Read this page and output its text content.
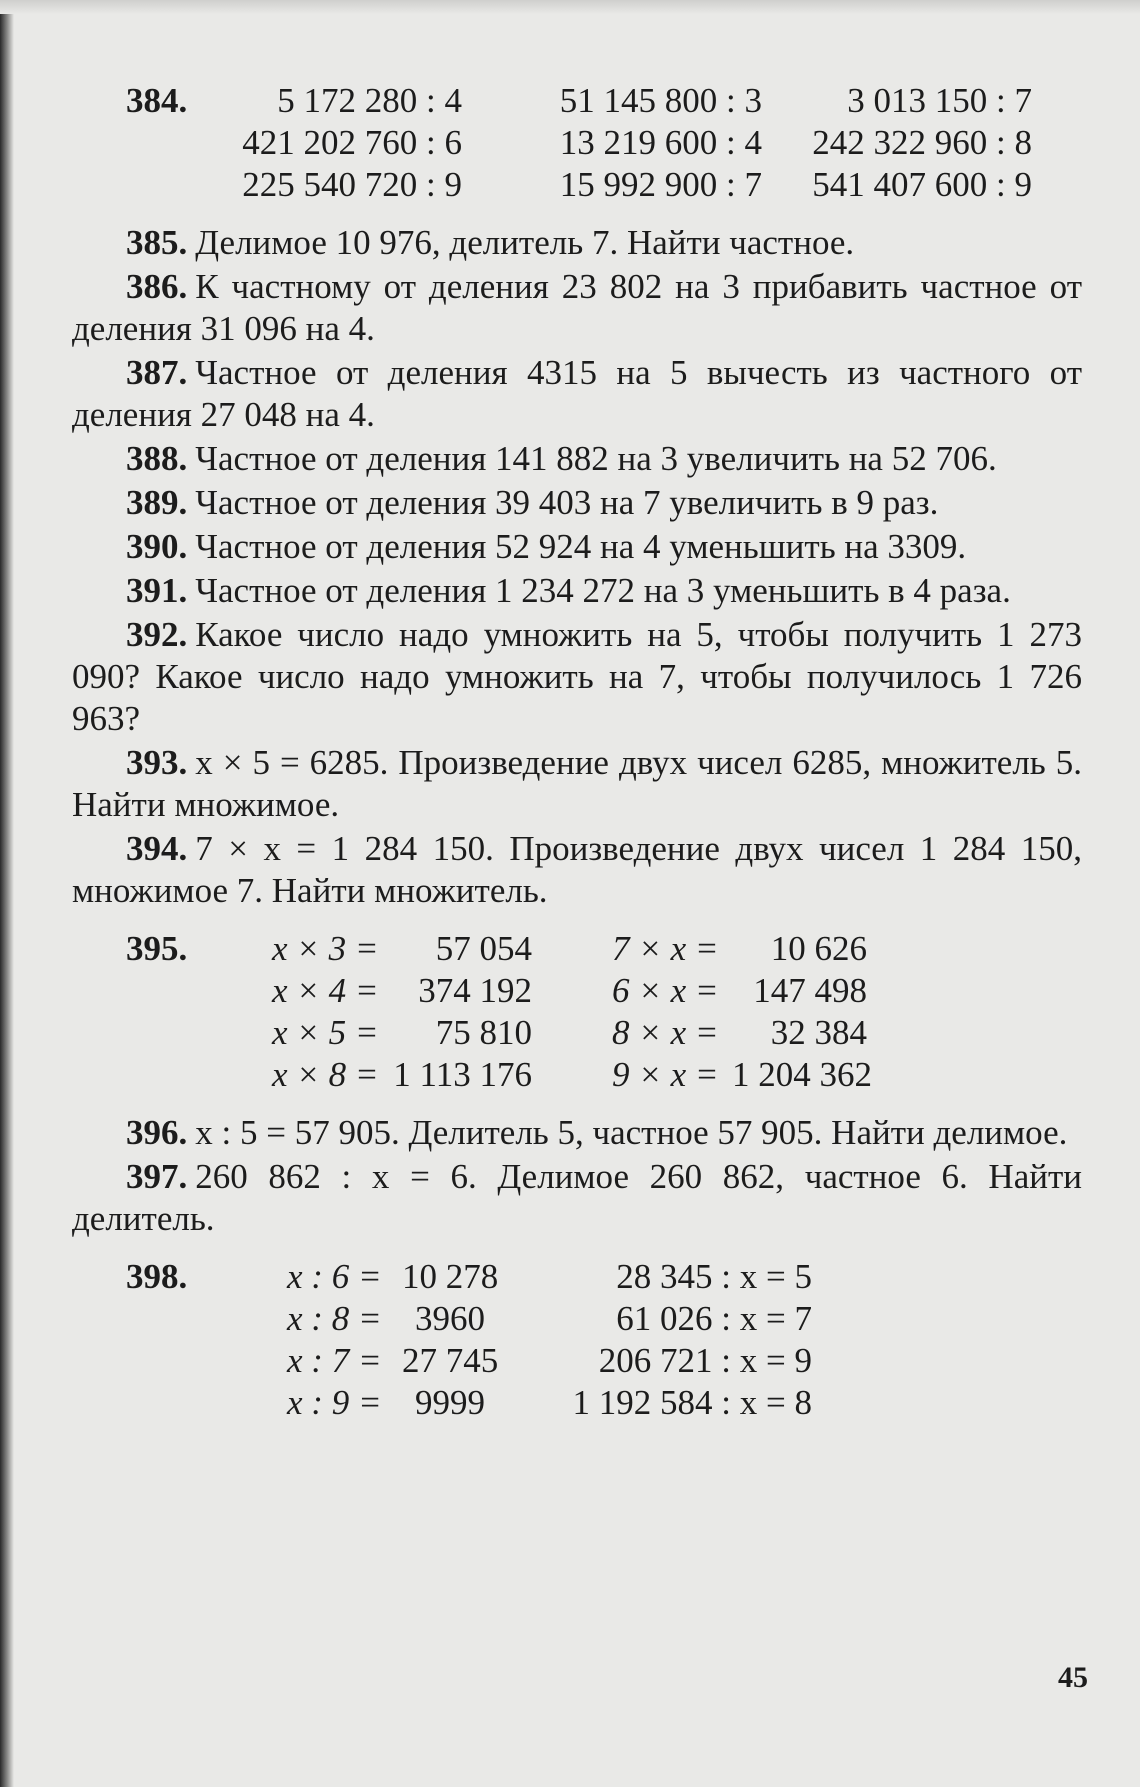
384.	5 172 280 : 4	51 145 800 : 3	3 013 150 : 7
421 202 760 : 6	13 219 600 : 4	242 322 960 : 8
225 540 720 : 9	15 992 900 : 7	541 407 600 : 9

385. Делимое 10 976, делитель 7. Найти частное.

386. К частному от деления 23 802 на 3 прибавить частное от деления 31 096 на 4.

387. Частное от деления 4315 на 5 вычесть из частного от деления 27 048 на 4.

388. Частное от деления 141 882 на 3 увеличить на 52 706.

389. Частное от деления 39 403 на 7 увеличить в 9 раз.

390. Частное от деления 52 924 на 4 уменьшить на 3309.

391. Частное от деления 1 234 272 на 3 уменьшить в 4 раза.

392. Какое число надо умножить на 5, чтобы получить 1 273 090? Какое число надо умножить на 7, чтобы получилось 1 726 963?

393. x × 5 = 6285. Произведение двух чисел 6285, множитель 5. Найти множимое.

394. 7 × x = 1 284 150. Произведение двух чисел 1 284 150, множимое 7. Найти множитель.

395.	x × 3 =	57 054	7 × x =	10 626
x × 4 =	374 192	6 × x = 147 498
x × 5 =	75 810	8 × x =	32 384
x × 8 = 1 113 176	9 × x = 1 204 362

396. x : 5 = 57 905. Делитель 5, частное 57 905. Найти делимое.

397. 260 862 : x = 6. Делимое 260 862, частное 6. Найти делитель.

398.	x : 6 = 10 278	28 345 : x = 5
x : 8 = 3960	61 026 : x = 7
x : 7 = 27 745	206 721 : x = 9
x : 9 = 9999	1 192 584 : x = 8
45
